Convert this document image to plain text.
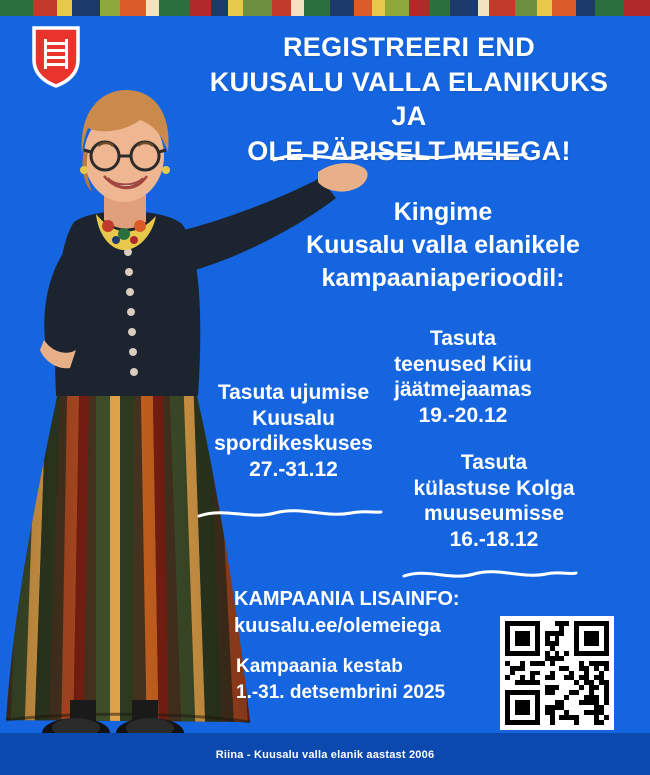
REGISTREERI END
KUUSALU VALLA ELANIKUKS JA
OLE PÄRISELT MEIEGA!
Kingime
Kuusalu valla elanikele
kampaaniaperioodil:
Tasuta
teenused Kiiu
jäätmejaamas
19.-20.12
Tasuta ujumise
Kuusalu
spordikeskuses
27.-31.12	Tasuta
külastuse Kolga
muuseumisse
16.-18.12
KAMPAANIA LISAINFO:
kuusalu.ee/olemeiega
Kampaania kestab
1.-31. detsembrini 2025
Riina - Kuusalu valla elanik aastast 2006
